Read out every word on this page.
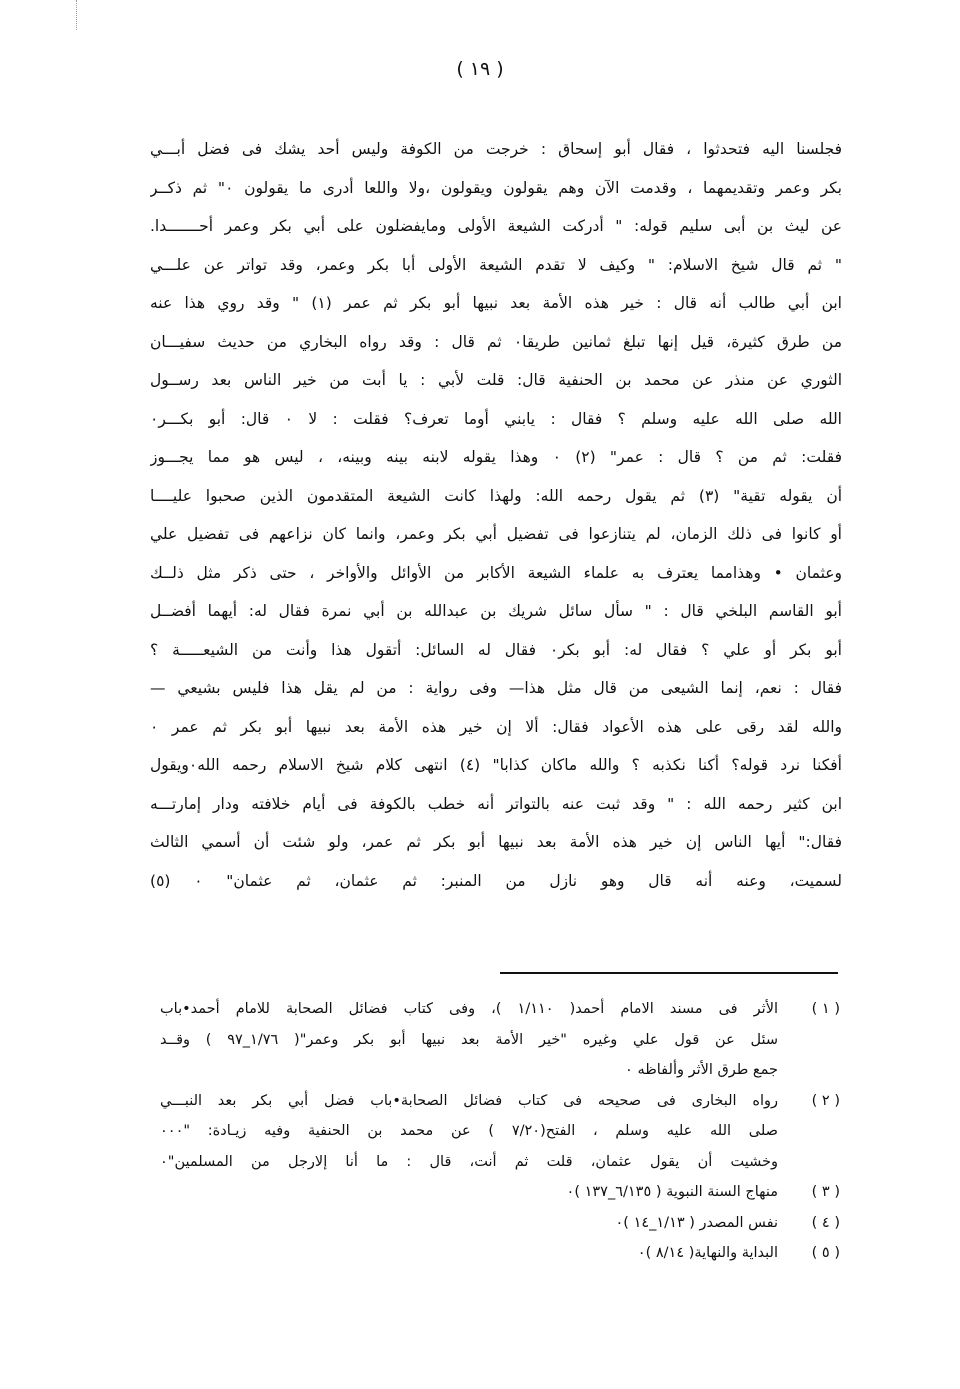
( ١٩ )
فجلسنا اليه فتحدثوا ، فقال أبو إسحاق : خرجت من الكوفة وليس أحد يشك فى فضل أبـــي
بكر وعمر وتقديمهما ، وقدمت الآن وهم يقولون ويقولون ،ولا واللعا أدرى ما يقولون ٠" ثم ذكــر
عن ليث بن أبى سليم قوله: " أدركت الشيعة الأولى ومايفضلون على أبي بكر وعمر أحـــــــدا.
" ثم قال شيخ الاسلام: " وكيف لا تقدم الشيعة الأولى أبا بكر وعمر، وقد تواتر عن علـــي
ابن أبي طالب أنه قال : خير هذه الأمة بعد نبيها أبو بكر ثم عمر (١) " وقد روي هذا عنه
من طرق كثيرة، قيل إنها تبلغ ثمانين طريقا٠ ثم قال : وقد رواه البخاري من حديث سفيـــان
الثوري عن منذر عن محمد بن الحنفية قال: قلت لأبي : يا أبت من خير الناس بعد رســول
الله صلى الله عليه وسلم ؟ فقال : يابني أوما تعرف؟ فقلت : لا ٠ قال: أبو بكـــر٠
فقلت: ثم من ؟ قال : عمر" (٢) ٠ وهذا يقوله لابنه بينه وبينه، ، ليس هو مما يجـــوز
أن يقوله تقية" (٣) ثم يقول رحمه الله: ولهذا كانت الشيعة المتقدمون الذين صحبوا عليــــا
أو كانوا فى ذلك الزمان، لم يتنازعوا فى تفضيل أبي بكر وعمر، وانما كان نزاعهم فى تفضيل علي
وعثمان • وهذامما يعترف به علماء الشيعة الأكابر من الأوائل والأواخر ، حتى ذكر مثل ذلــك
أبو القاسم البلخي قال : " سأل سائل شريك بن عبدالله بن أبي نمرة فقال له: أيهما أفضــل
أبو بكر أو علي ؟ فقال له: أبو بكر٠ فقال له السائل: أتقول هذا وأنت من الشيعـــــة ؟
فقال : نعم، إنما الشيعى من قال مثل هذا— وفى رواية : من لم يقل هذا فليس بشيعي —
والله لقد رقى على هذه الأعواد فقال: ألا إن خير هذه الأمة بعد نبيها أبو بكر ثم عمر ٠
أفكنا نرد قوله؟ أكنا نكذبه ؟ والله ماكان كذابا" (٤) انتهى كلام شيخ الاسلام رحمه الله٠ويقول
ابن كثير رحمه الله : " وقد ثبت عنه بالتواتر أنه خطب بالكوفة فى أيام خلافته ودار إمارتـــه
فقال:" أيها الناس إن خير هذه الأمة بعد نبيها أبو بكر ثم عمر، ولو شئت أن أسمي الثالث
لسميت، وعنه أنه قال وهو نازل من المنبر: ثم عثمان، ثم عثمان" ٠ (٥)
( ١ )
الأثر فى مسند الامام أحمد( ١/١١٠ )، وفى كتاب فضائل الصحابة للامام أحمد•باب
سئل عن قول علي وغيره "خير الأمة بعد نبيها أبو بكر وعمر"( ١/٧٦_٩٧ ) وقــد
جمع طرق الأثر وألفاظه ٠
( ٢ )
رواه البخارى فى صحيحه فى كتاب فضائل الصحابة•باب فضل أبي بكر بعد النبـــي
صلى الله عليه وسلم ، الفتح(٧/٢٠ ) عن محمد بن الحنفية وفيه زيـادة: "٠٠٠
وخشيت أن يقول عثمان، قلت ثم أنت، قال : ما أنا إلارجل من المسلمين"٠
( ٣ )
منهاج السنة النبوية ( ٦/١٣٥_١٣٧ )٠
( ٤ )
نفس المصدر ( ١/١٣_١٤ )٠
( ٥ )
البداية والنهاية( ٨/١٤ )٠
